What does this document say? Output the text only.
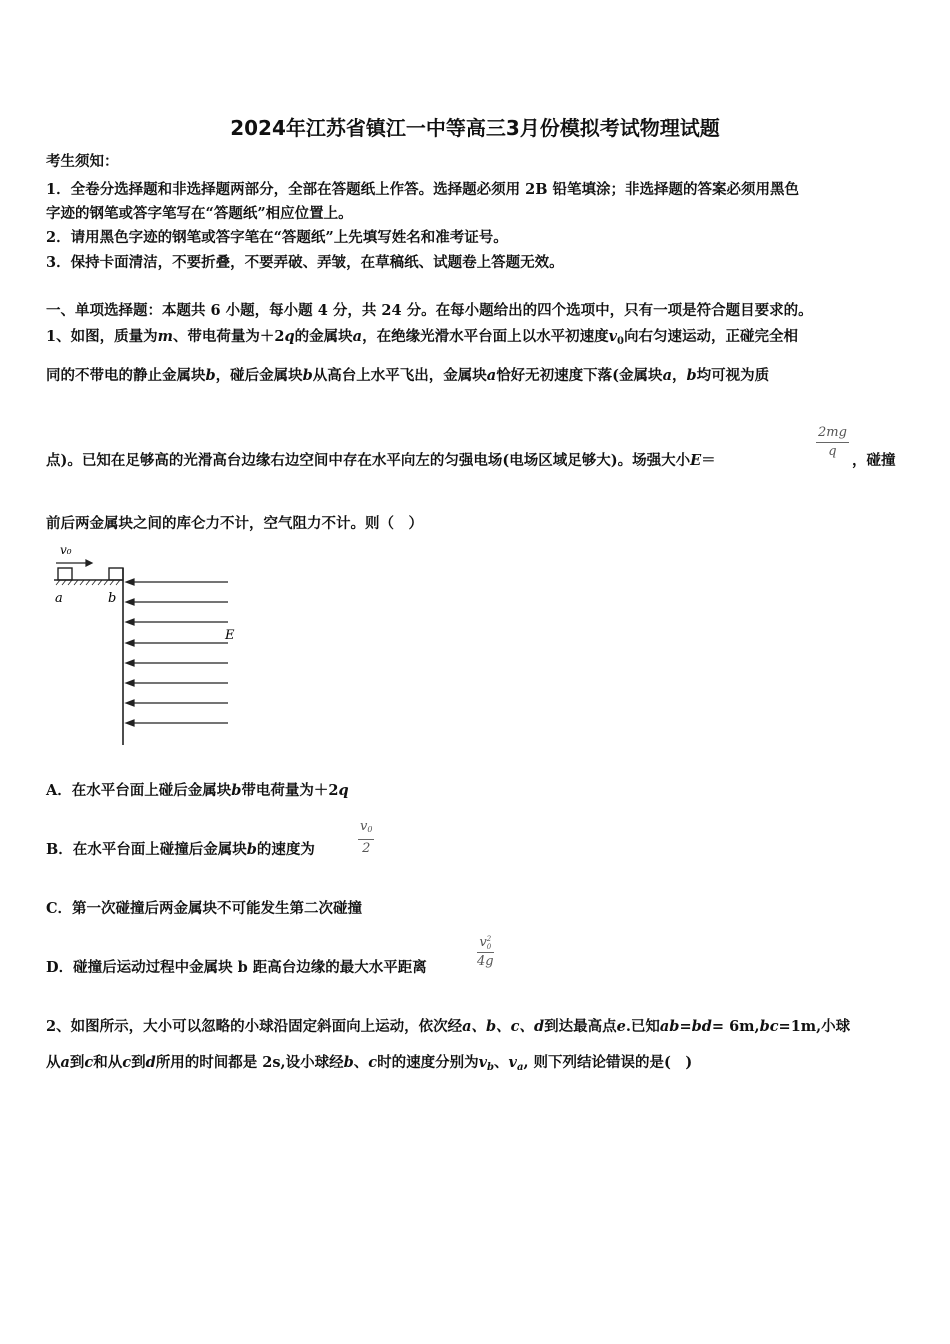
2024年江苏省镇江一中等高三3月份模拟考试物理试题
考生须知：
1．全卷分选择题和非选择题两部分，全部在答题纸上作答。选择题必须用 2B 铅笔填涂；非选择题的答案必须用黑色
字迹的钢笔或答字笔写在“答题纸”相应位置上。
2．请用黑色字迹的钢笔或答字笔在“答题纸”上先填写姓名和准考证号。
3．保持卡面清洁，不要折叠，不要弄破、弄皱，在草稿纸、试题卷上答题无效。
一、单项选择题：本题共 6 小题，每小题 4 分，共 24 分。在每小题给出的四个选项中，只有一项是符合题目要求的。
1、如图，质量为m、带电荷量为＋2q的金属块a，在绝缘光滑水平台面上以水平初速度$v_0$向右匀速运动，正碰完全相
同的不带电的静止金属块b，碰后金属块b从高台上水平飞出，金属块a恰好无初速度下落(金属块a，b均可视为质
点)。已知在足够高的光滑高台边缘右边空间中存在水平向左的匀强电场(电场区域足够大)。场强大小E＝	$\frac{2mg}{q}$ ，碰撞
前后两金属块之间的库仑力不计，空气阻力不计。则（　）
v₀
a	b
E
A．在水平台面上碰后金属块b带电荷量为＋2q
B．在水平台面上碰撞后金属块b的速度为	$\frac{v0}{2}$
C．第一次碰撞后两金属块不可能发生第二次碰撞
D．碰撞后运动过程中金属块 b 距高台边缘的最大水平距离	v 2
0
4g
2、如图所示，大小可以忽略的小球沿固定斜面向上运动，依次经a、b、c、d到达最高点e.已知ab=bd= 6m,bc=1m,小球
从a到c和从c到d所用的时间都是 2s,设小球经b、c时的速度分别为$v_b$、$v_a$, 则下列结论错误的是(　)
